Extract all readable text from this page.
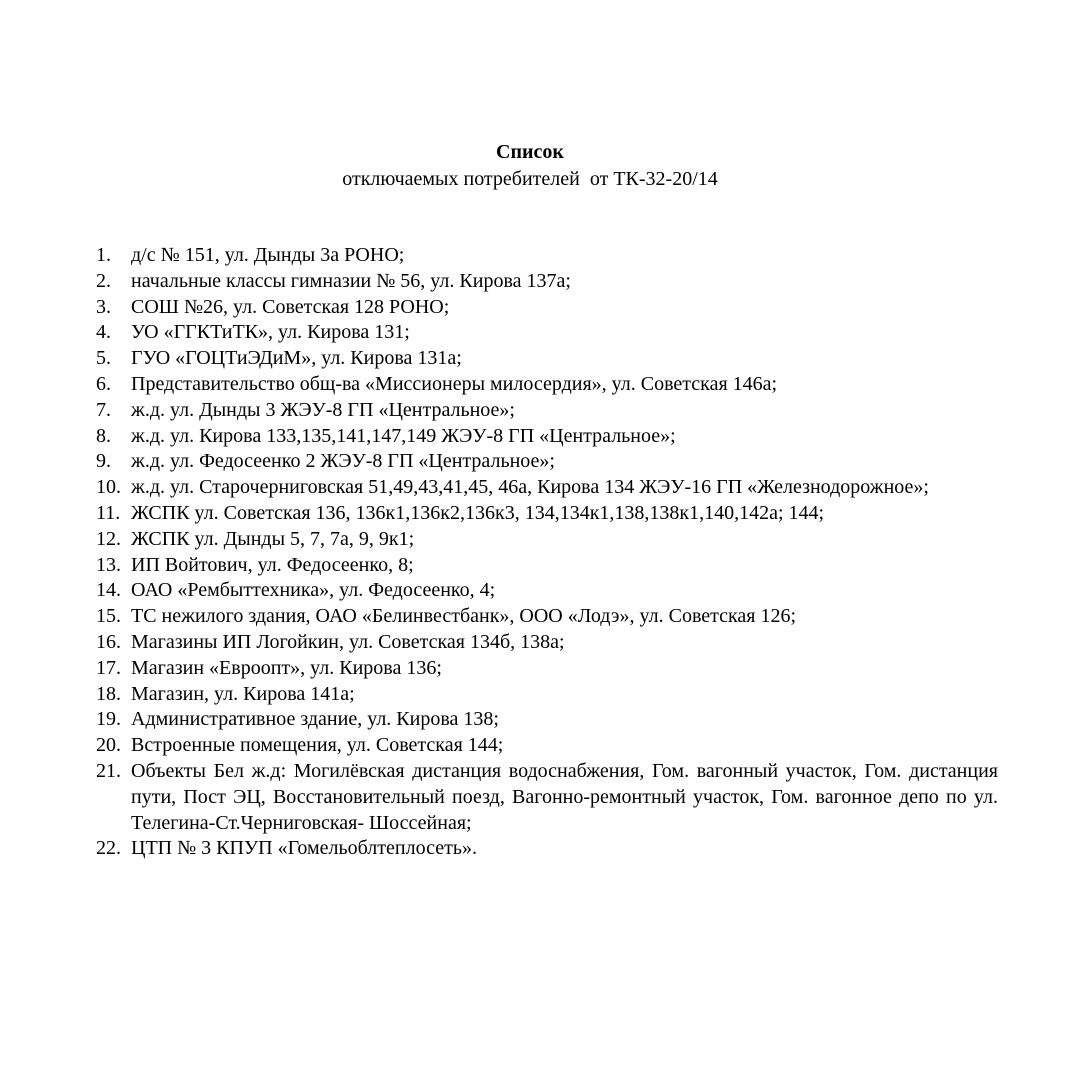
Список
отключаемых потребителей  от ТК-32-20/14
1. д/с № 151, ул. Дынды 3а РОНО;
2. начальные классы гимназии № 56, ул. Кирова 137а;
3. СОШ №26, ул. Советская 128 РОНО;
4. УО «ГГКТиТК», ул. Кирова 131;
5. ГУО «ГОЦТиЭДиМ», ул. Кирова 131а;
6. Представительство общ-ва «Миссионеры милосердия», ул. Советская 146а;
7. ж.д. ул. Дынды 3 ЖЭУ-8 ГП «Центральное»;
8. ж.д. ул. Кирова 133,135,141,147,149 ЖЭУ-8 ГП «Центральное»;
9. ж.д. ул. Федосеенко 2 ЖЭУ-8 ГП «Центральное»;
10. ж.д. ул. Старочерниговская 51,49,43,41,45, 46а, Кирова 134 ЖЭУ-16 ГП «Железнодорожное»;
11. ЖСПК ул. Советская 136, 136к1,136к2,136к3, 134,134к1,138,138к1,140,142а; 144;
12. ЖСПК ул. Дынды 5, 7, 7а, 9, 9к1;
13. ИП Войтович, ул. Федосеенко, 8;
14. ОАО «Рембыттехника», ул. Федосеенко, 4;
15. ТС нежилого здания, ОАО «Белинвестбанк», ООО «Лодэ», ул. Советская 126;
16. Магазины ИП Логойкин, ул. Советская 134б, 138а;
17. Магазин «Евроопт», ул. Кирова 136;
18. Магазин, ул. Кирова 141а;
19. Административное здание, ул. Кирова 138;
20. Встроенные помещения, ул. Советская 144;
21. Объекты Бел ж.д: Могилёвская дистанция водоснабжения, Гом. вагонный участок, Гом. дистанция пути, Пост ЭЦ, Восстановительный поезд, Вагонно-ремонтный участок, Гом. вагонное депо по ул. Телегина-Ст.Черниговская- Шоссейная;
22. ЦТП № 3 КПУП «Гомельоблтеплосеть».
